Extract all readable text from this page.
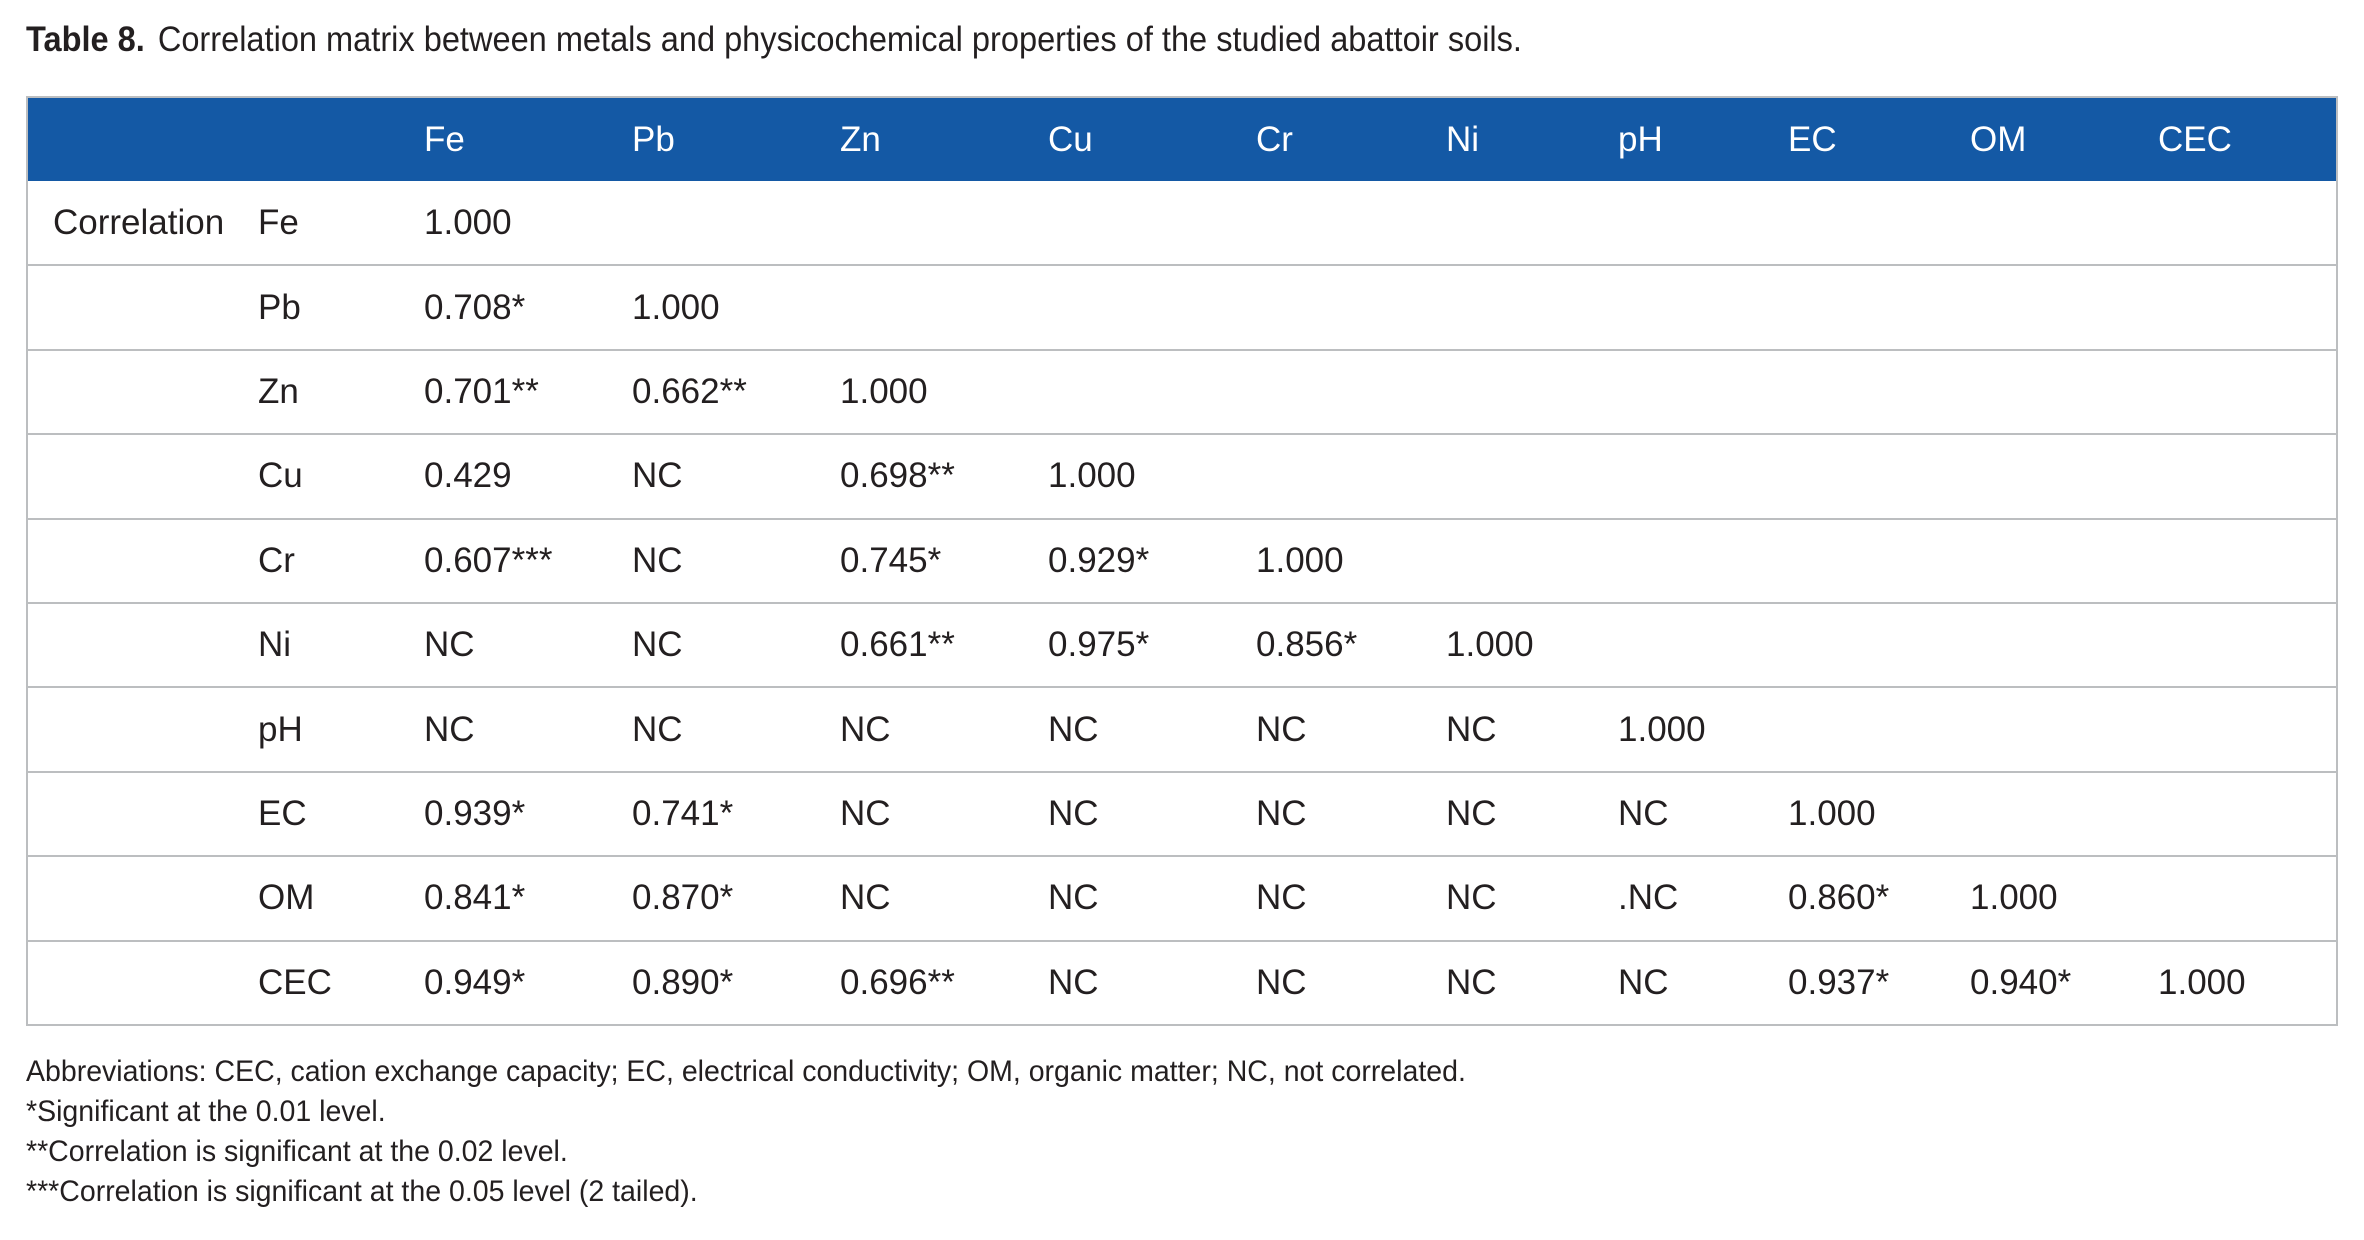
Table 8. Correlation matrix between metals and physicochemical properties of the studied abattoir soils.
		Fe	Pb	Zn	Cu	Cr	Ni	pH	EC	OM	CEC
Correlation	Fe	1.000									
	Pb	0.708*	1.000								
	Zn	0.701**	0.662**	1.000							
	Cu	0.429	NC	0.698**	1.000						
	Cr	0.607***	NC	0.745*	0.929*	1.000					
	Ni	NC	NC	0.661**	0.975*	0.856*	1.000				
	pH	NC	NC	NC	NC	NC	NC	1.000			
	EC	0.939*	0.741*	NC	NC	NC	NC	NC	1.000		
	OM	0.841*	0.870*	NC	NC	NC	NC	.NC	0.860*	1.000	
	CEC	0.949*	0.890*	0.696**	NC	NC	NC	NC	0.937*	0.940*	1.000
Abbreviations: CEC, cation exchange capacity; EC, electrical conductivity; OM, organic matter; NC, not correlated.
*Significant at the 0.01 level.
**Correlation is significant at the 0.02 level.
***Correlation is significant at the 0.05 level (2 tailed).
